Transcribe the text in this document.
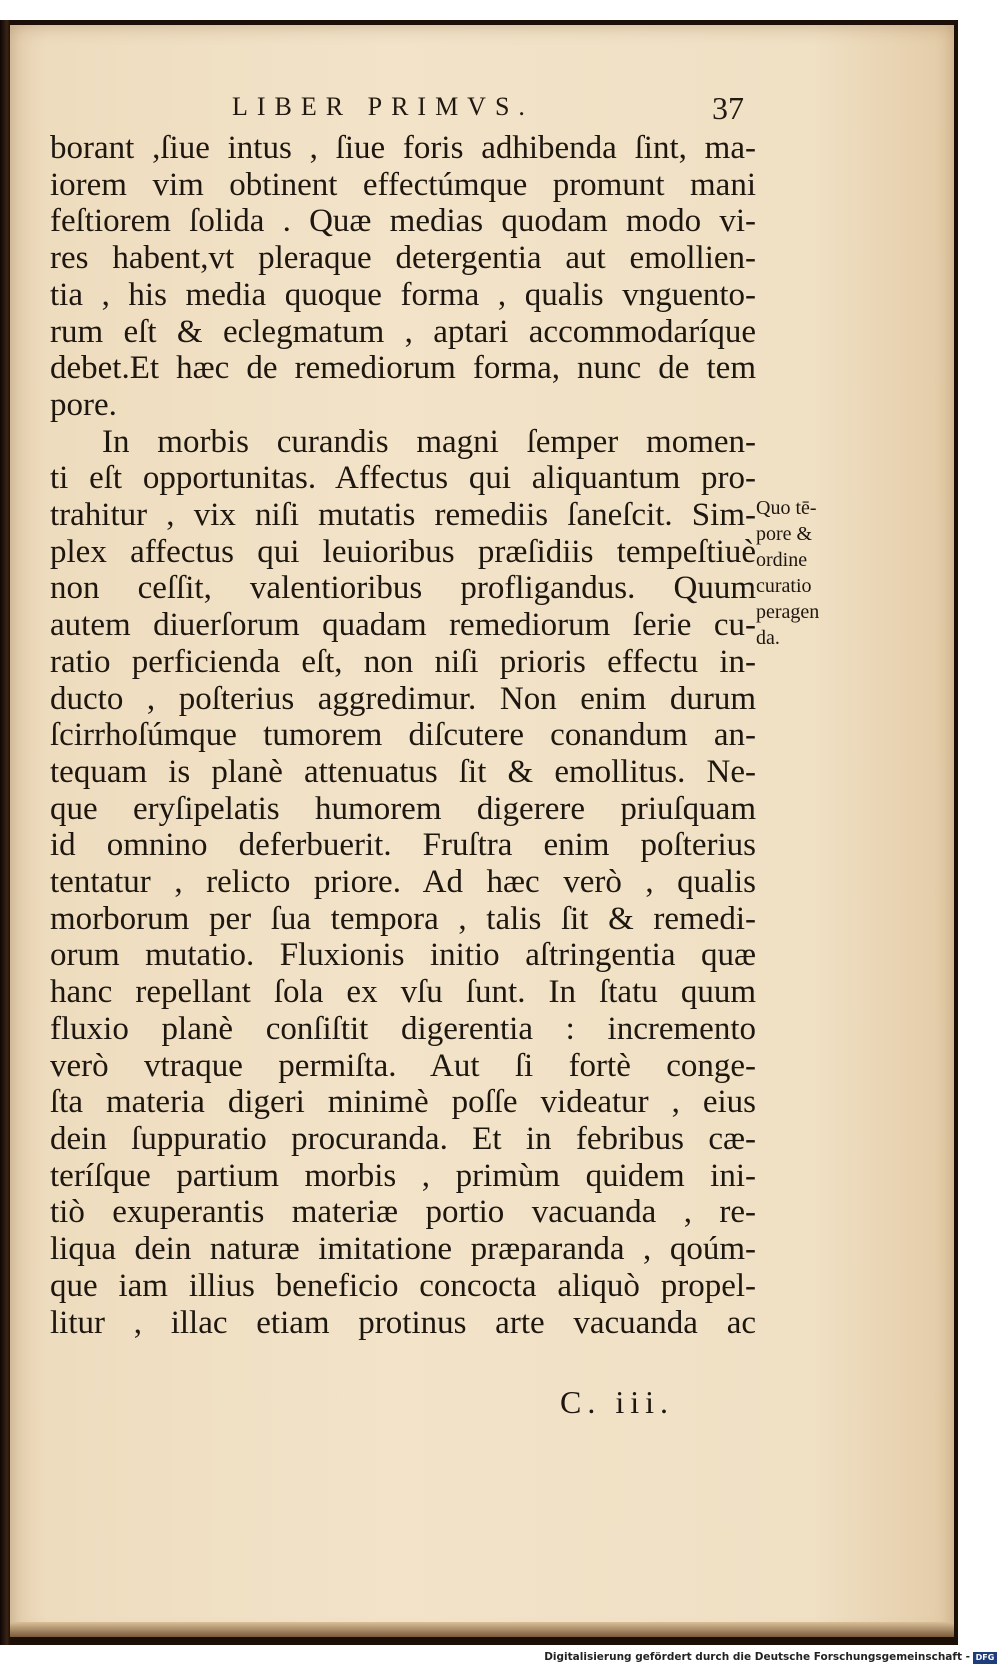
LIBER PRIMVS.	37
borant ,ſiue intus , ſiue foris adhibenda ſint, ma-
iorem vim obtinent effectúmque promunt mani
feſtiorem ſolida . Quæ medias quodam modo vi-
res habent,vt pleraque detergentia aut emollien-
tia , his media quoque forma , qualis vnguento-
rum eſt & eclegmatum , aptari accommodaríque
debet.Et hæc de remediorum forma, nunc de tem
pore.
In morbis curandis magni ſemper momen-
ti eſt opportunitas. Affectus qui aliquantum pro-
trahitur , vix niſi mutatis remediis ſaneſcit. Sim-
plex affectus qui leuioribus præſidiis tempeſtiuè
non ceſſit, valentioribus profligandus. Quum
autem diuerſorum quadam remediorum ſerie cu-
ratio perficienda eſt, non niſi prioris effectu in-
ducto , poſterius aggredimur. Non enim durum
ſcirrhoſúmque tumorem diſcutere conandum an-
tequam is planè attenuatus ſit & emollitus. Ne-
que eryſipelatis humorem digerere priuſquam
id omnino deferbuerit. Fruſtra enim poſterius
tentatur , relicto priore. Ad hæc verò , qualis
morborum per ſua tempora , talis ſit & remedi-
orum mutatio. Fluxionis initio aſtringentia quæ
hanc repellant ſola ex vſu ſunt. In ſtatu quum
fluxio planè conſiſtit digerentia : incremento
verò vtraque permiſta. Aut ſi fortè conge-
ſta materia digeri minimè poſſe videatur , eius
dein ſuppuratio procuranda. Et in febribus cæ-
teríſque partium morbis , primùm quidem ini-
tiò exuperantis materiæ portio vacuanda , re-
liqua dein naturæ imitatione præparanda , qoúm-
que iam illius beneficio concocta aliquò propel-
litur , illac etiam protinus arte vacuanda ac
Quo tē-
pore &
ordine
curatio
peragen
da.
C. iii.
Digitalisierung gefördert durch die Deutsche Forschungsgemeinschaft - DFG
